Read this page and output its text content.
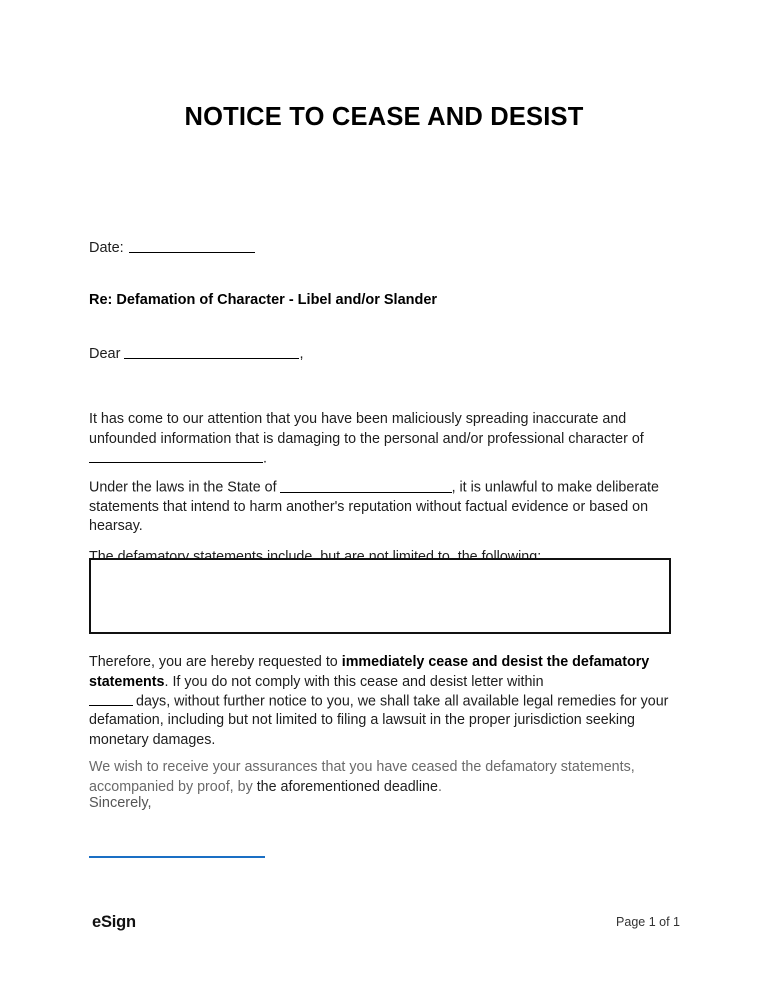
NOTICE TO CEASE AND DESIST
Date:
Re: Defamation of Character - Libel and/or Slander
Dear	,

It has come to our attention that you have been maliciously spreading inaccurate and unfounded information that is damaging to the personal and/or professional character of
.

Under the laws in the State of	, it is unlawful to make deliberate statements that intend to harm another's reputation without factual evidence or based on hearsay.

Therefore, you are hereby requested to immediately cease and desist the defamatory statements. If you do not comply with this cease and desist letter within
days, without further notice to you, we shall take all available legal remedies for your defamation, including but not limited to filing a lawsuit in the proper jurisdiction seeking monetary damages.

We wish to receive your assurances that you have ceased the defamatory statements, accompanied by proof, by the aforementioned deadline.

Sincerely,
eSign	Page 1 of 1
